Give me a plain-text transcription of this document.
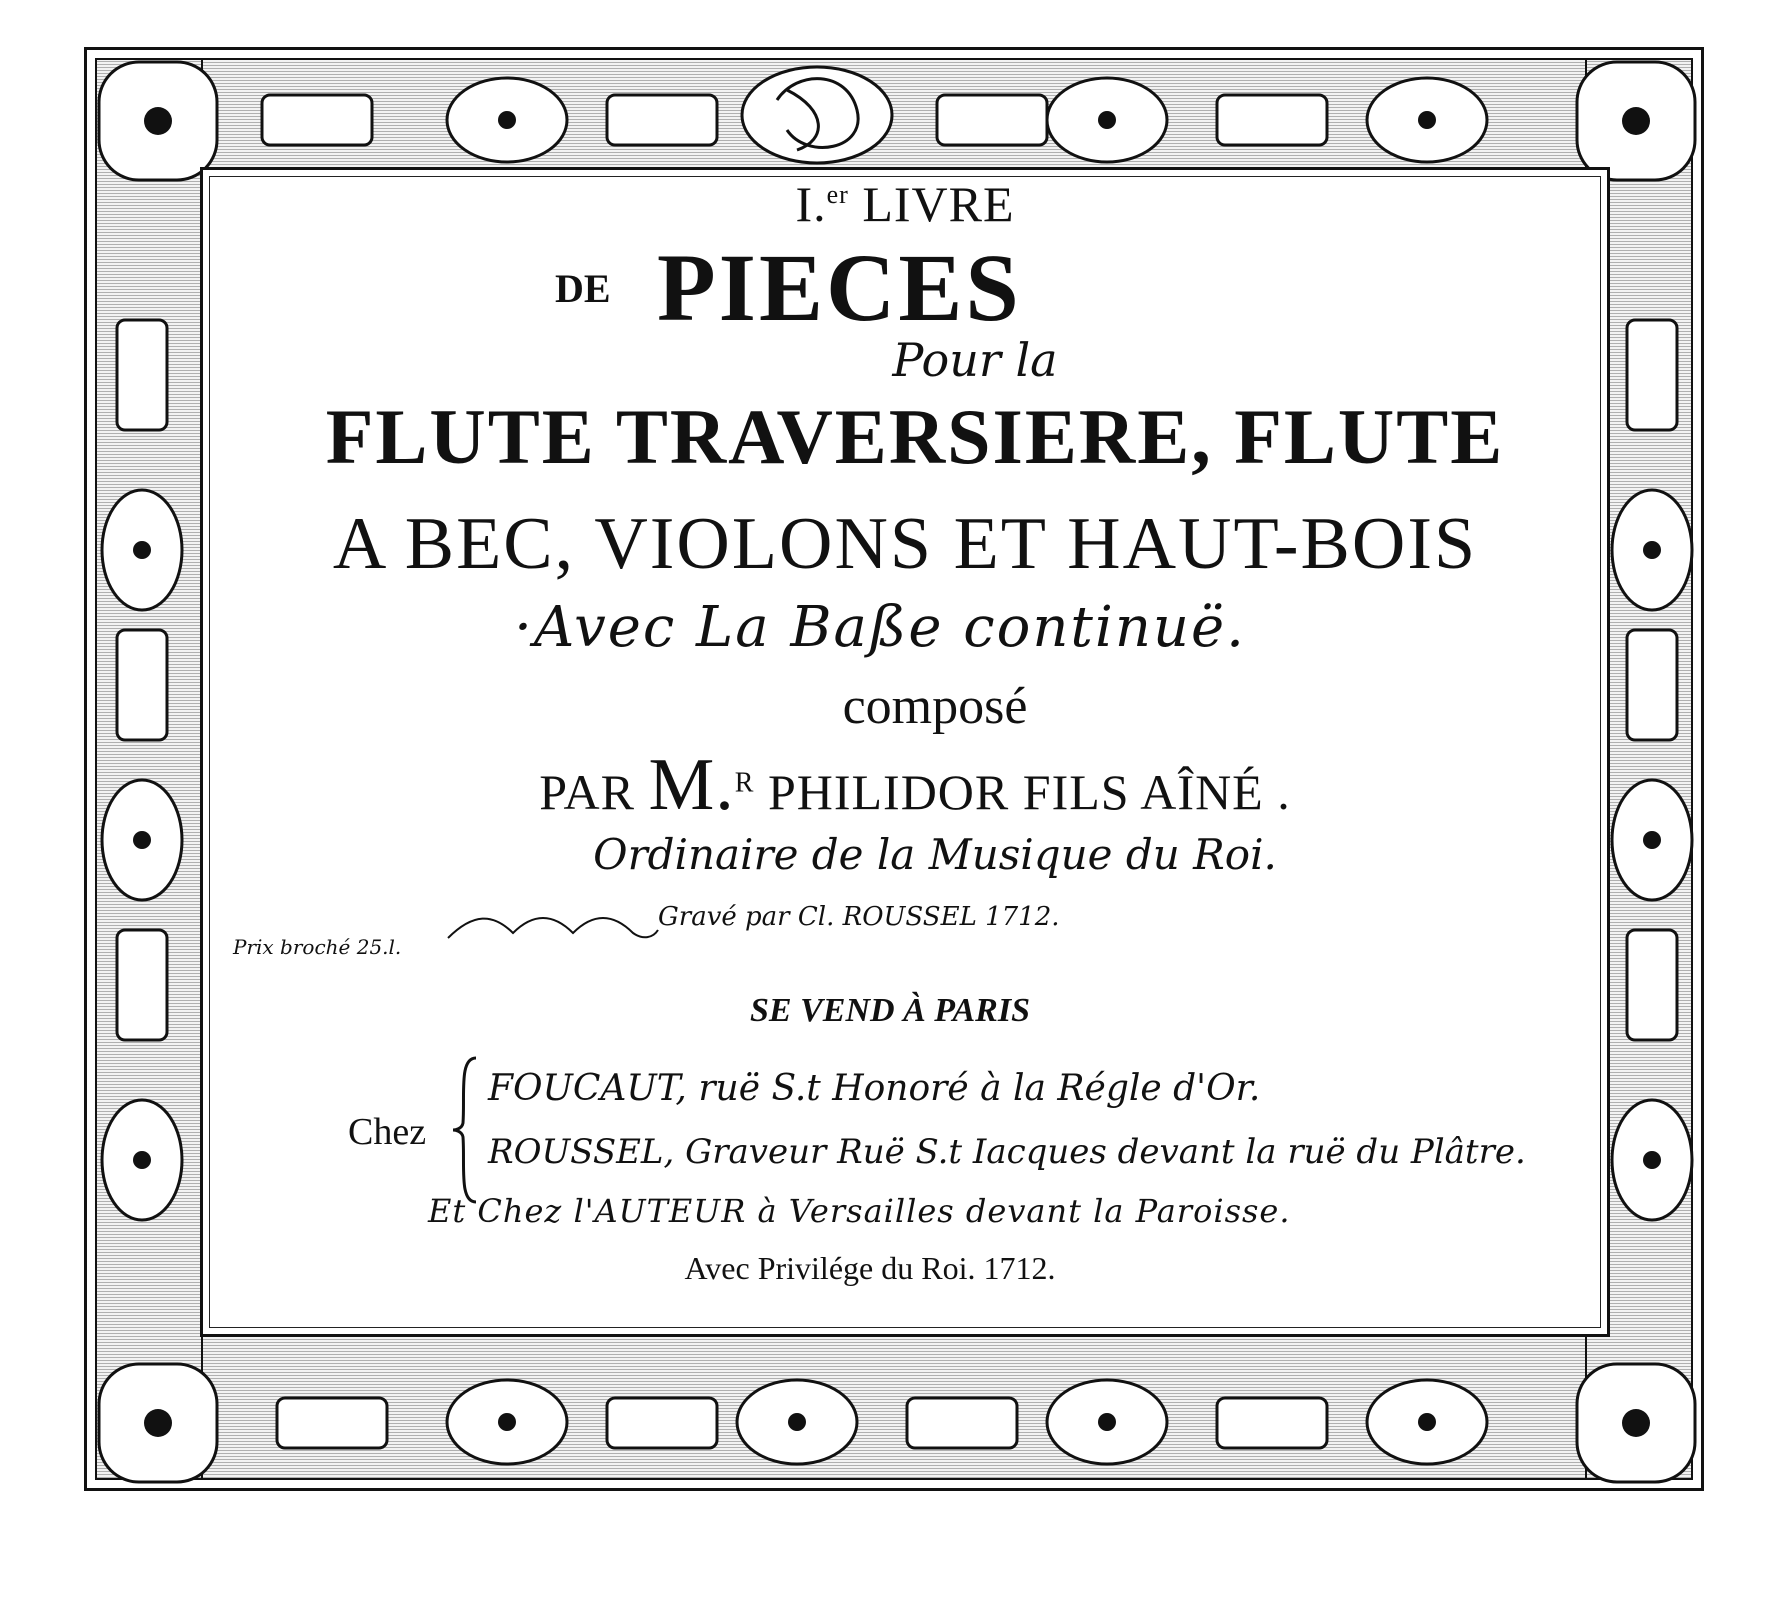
I.$^{er}$ LIVRE
DE PIECES
Pour la
FLUTE TRAVERSIERE, FLUTE
A BEC, VIOLONS ET HAUT-BOIS
·Avec La Baße continuë.
composé
PAR M.$^R$ PHILIDOR FILS AÎNÉ .
Ordinaire de la Musique du Roi.
Prix broché 25.l.
Gravé par Cl. ROUSSEL 1712.
SE VEND À PARIS
Chez
FOUCAUT, ruë S.t Honoré à la Régle d'Or.
ROUSSEL, Graveur Ruë S.t Iacques devant la ruë du Plâtre.
Et Chez l'AUTEUR à Versailles devant la Paroisse.
Avec Privilége du Roi. 1712.
